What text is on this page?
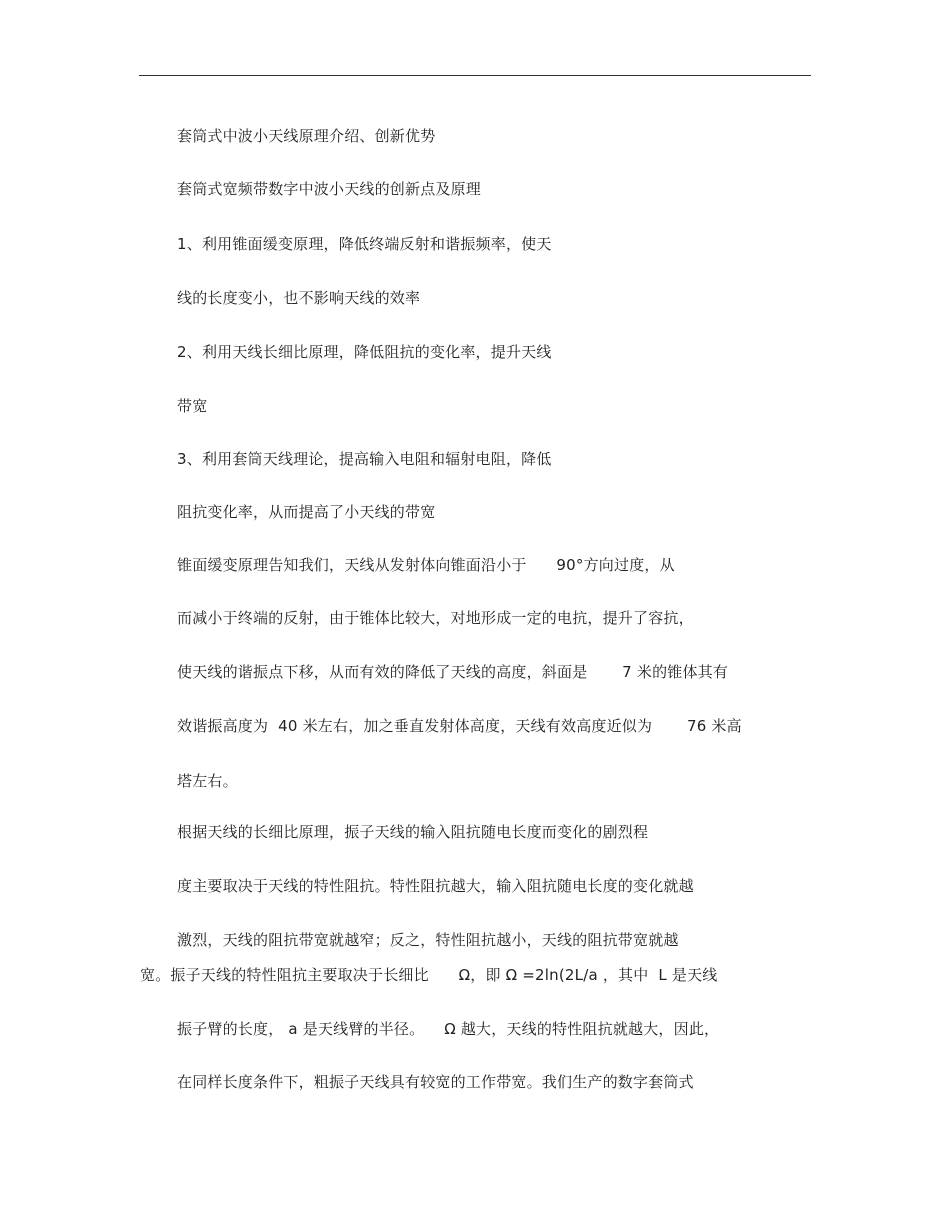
套筒式中波小天线原理介绍、创新优势
套筒式宽频带数字中波小天线的创新点及原理
1、利用锥面缓变原理，降低终端反射和谐振频率，使天
线的长度变小，也不影响天线的效率
2、利用天线长细比原理，降低阻抗的变化率，提升天线
带宽
3、利用套筒天线理论，提高输入电阻和辐射电阻，降低
阻抗变化率，从而提高了小天线的带宽
锥面缓变原理告知我们，天线从发射体向锥面沿小于      90°方向过度，从
而减小于终端的反射，由于锥体比较大，对地形成一定的电抗，提升了容抗，
使天线的谐振点下移，从而有效的降低了天线的高度，斜面是       7 米的锥体其有
效谐振高度为  40 米左右，加之垂直发射体高度，天线有效高度近似为       76 米高
塔左右。
根据天线的长细比原理，振子天线的输入阻抗随电长度而变化的剧烈程
度主要取决于天线的特性阻抗。特性阻抗越大，输入阻抗随电长度的变化就越
激烈，天线的阻抗带宽就越窄；反之，特性阻抗越小，天线的阻抗带宽就越
宽。振子天线的特性阻抗主要取决于长细比      Ω，即 Ω =2ln(2L/a ，其中  L 是天线
振子臂的长度， a 是天线臂的半径。    Ω 越大，天线的特性阻抗就越大，因此，
在同样长度条件下，粗振子天线具有较宽的工作带宽。我们生产的数字套筒式
